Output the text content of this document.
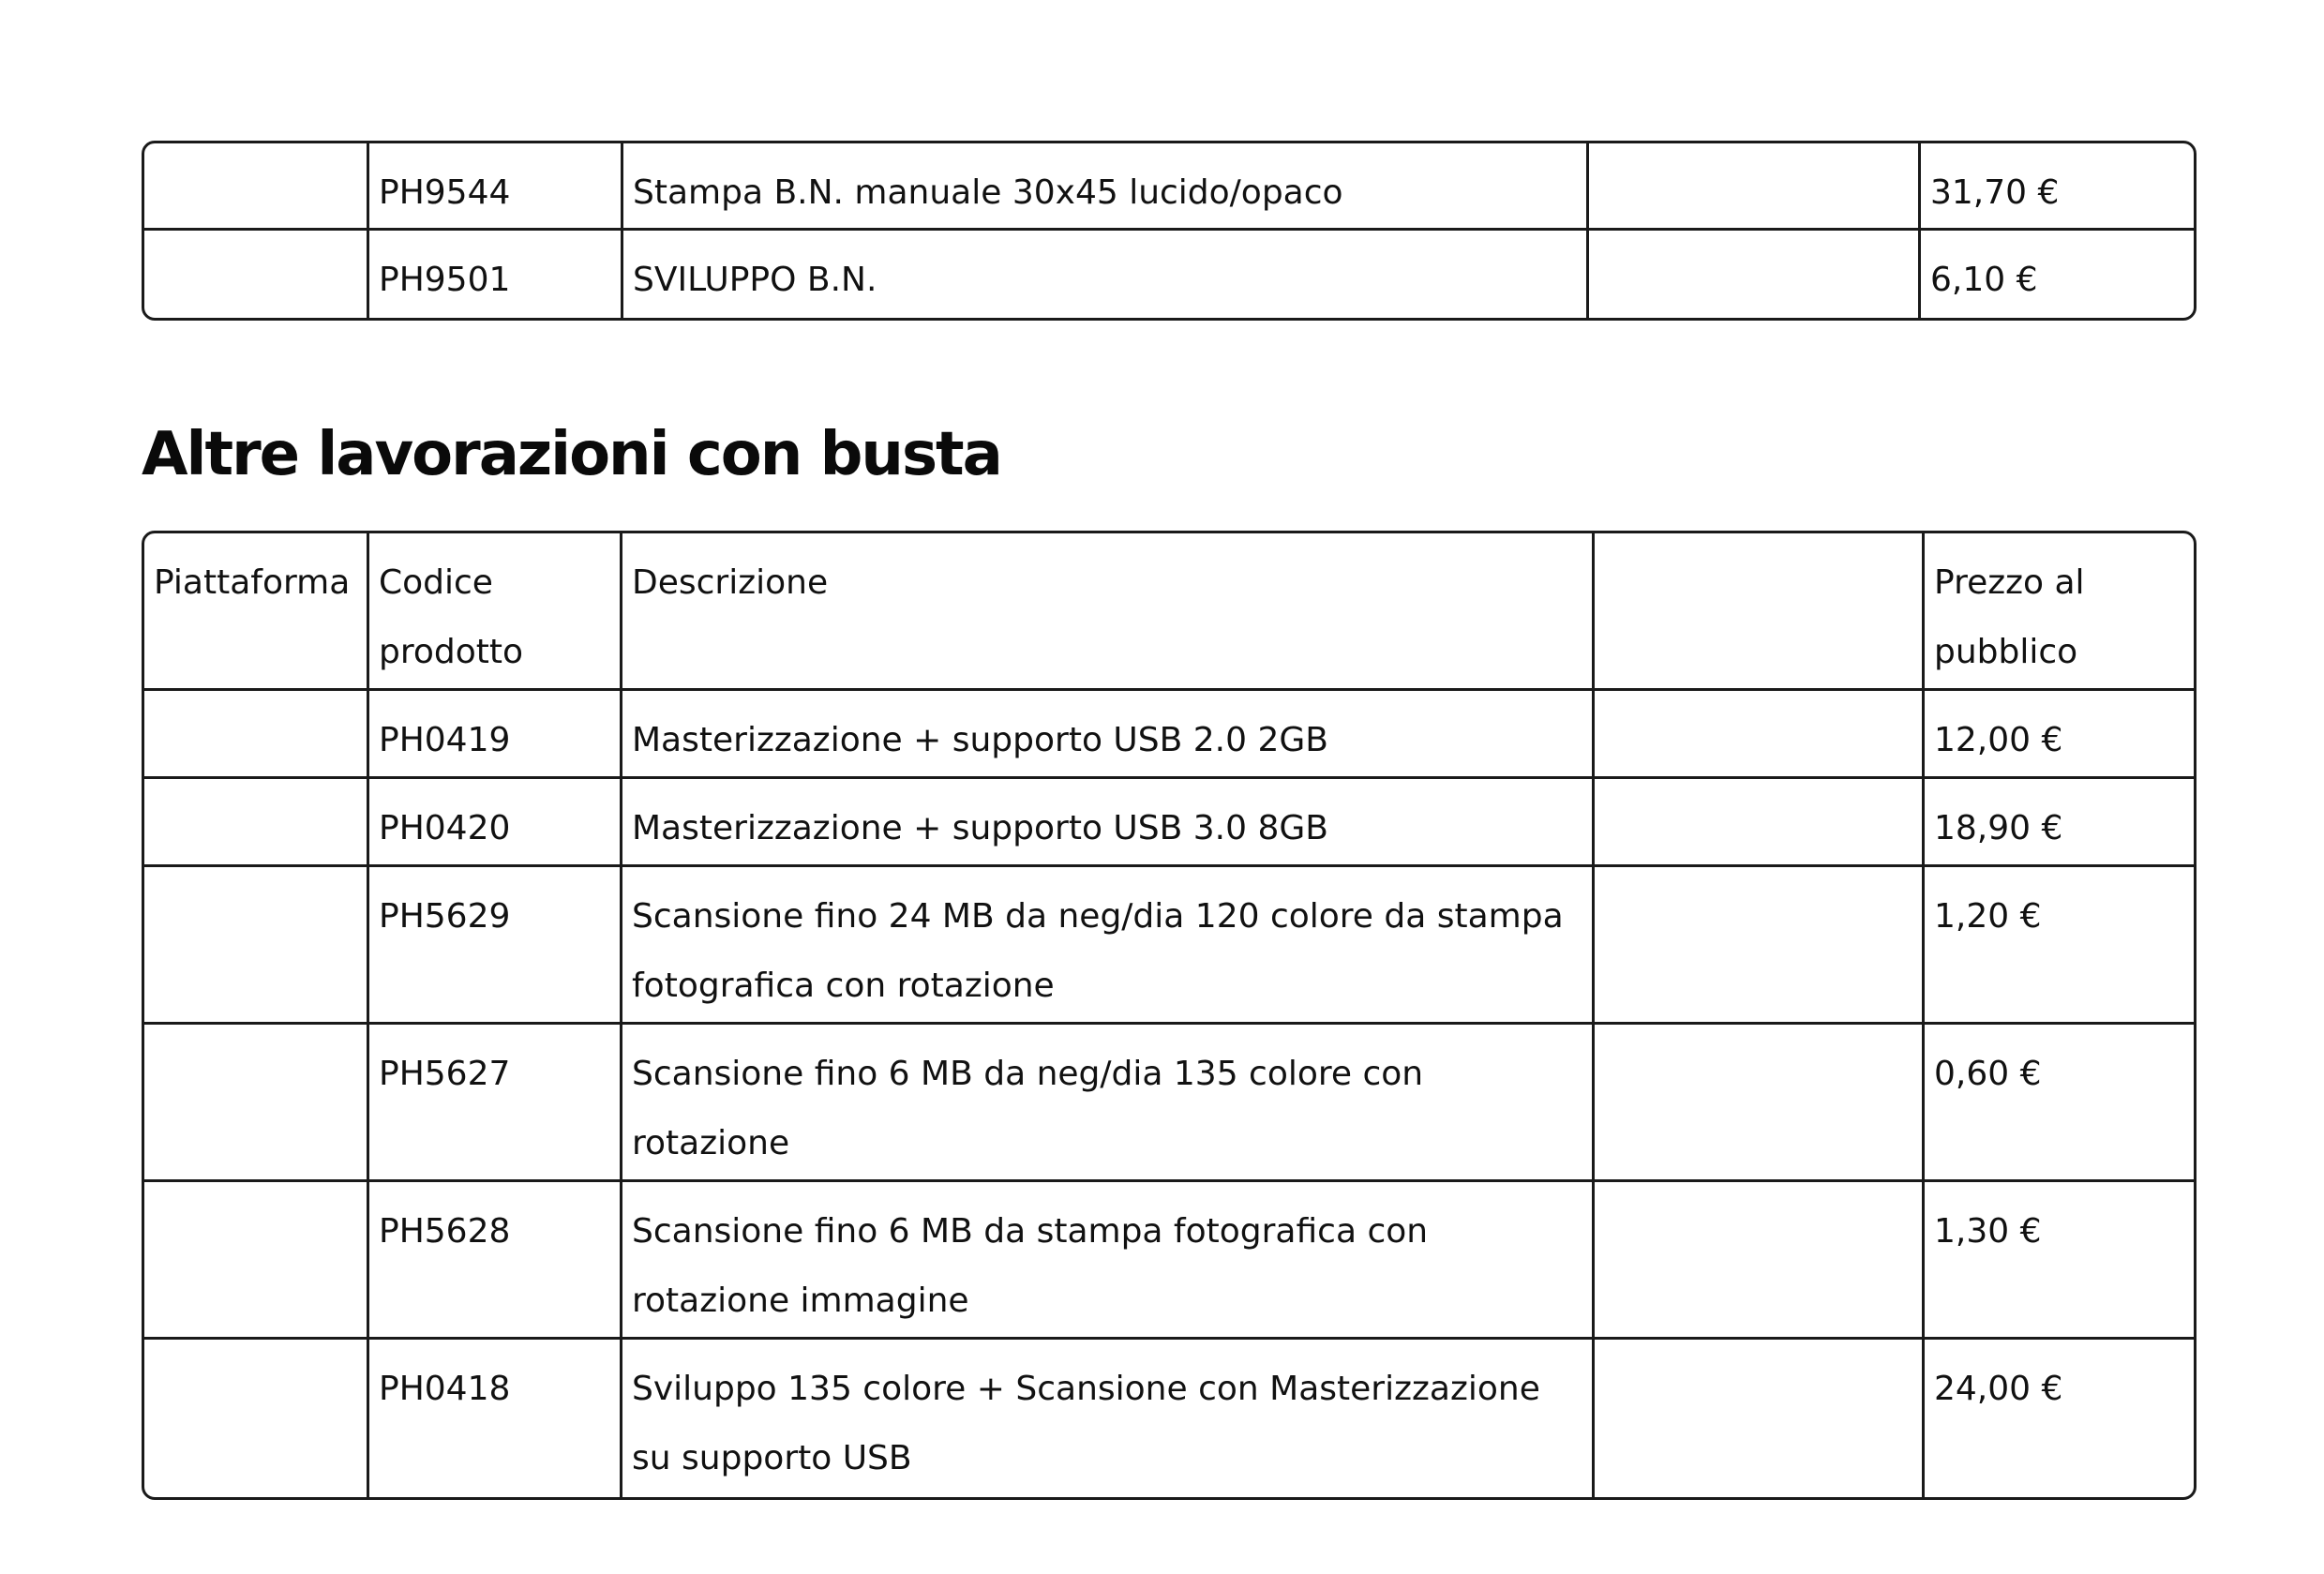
	PH9544	Stampa B.N. manuale 30x45 lucido/opaco		31,70 €
	PH9501	SVILUPPO B.N.		6,10 €
Altre lavorazioni con busta
Piattaforma	Codice prodotto	Descrizione		Prezzo al pubblico
	PH0419	Masterizzazione + supporto USB 2.0 2GB		12,00 €
	PH0420	Masterizzazione + supporto USB 3.0 8GB		18,90 €
	PH5629	Scansione fino 24 MB da neg/dia 120 colore da stampa fotografica con rotazione		1,20 €
	PH5627	Scansione fino 6 MB da neg/dia 135 colore con rotazione		0,60 €
	PH5628	Scansione fino 6 MB da stampa fotografica con rotazione immagine		1,30 €
	PH0418	Sviluppo 135 colore + Scansione con Masterizzazione su supporto USB		24,00 €
